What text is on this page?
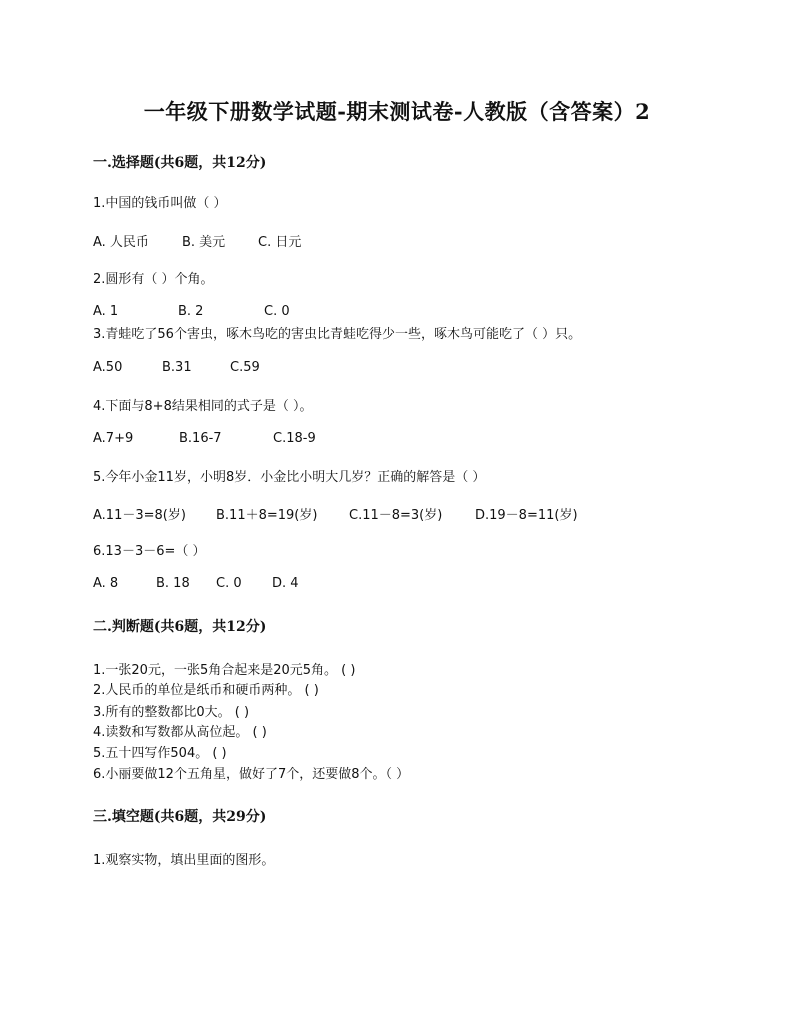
一年级下册数学试题-期末测试卷-人教版（含答案）2
一.选择题(共6题，共12分)
1.中国的钱币叫做（ ）
A. 人民币	B. 美元	C. 日元
2.圆形有（ ）个角。
A. 1	B. 2	C. 0
3.青蛙吃了56个害虫，啄木鸟吃的害虫比青蛙吃得少一些，啄木鸟可能吃了（ ）只。
A.50	B.31	C.59
4.下面与8+8结果相同的式子是（ ）。
A.7+9	B.16-7	C.18-9
5.今年小金11岁，小明8岁．小金比小明大几岁？正确的解答是（ ）
A.11－3=8(岁) B.11＋8=19(岁) C.11－8=3(岁)	D.19－8=11(岁)
6.13－3－6=（ ）
A. 8	B. 18 C. 0 D. 4
二.判断题(共6题，共12分)
1.一张20元，一张5角合起来是20元5角。 ( )
2.人民币的单位是纸币和硬币两种。 ( )
3.所有的整数都比0大。 ( )
4.读数和写数都从高位起。 ( )
5.五十四写作504。 ( )
6.小丽要做12个五角星，做好了7个，还要做8个。（ ）
三.填空题(共6题，共29分)
1.观察实物，填出里面的图形。
